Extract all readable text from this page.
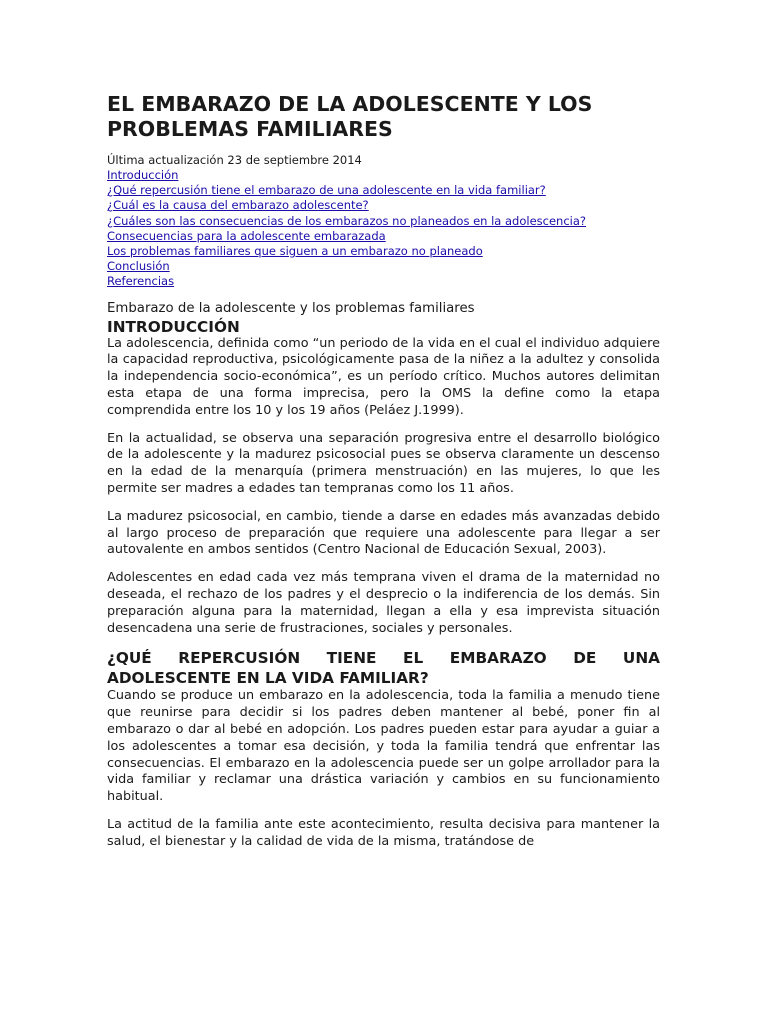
EL EMBARAZO DE LA ADOLESCENTE Y LOS PROBLEMAS FAMILIARES
Última actualización 23 de septiembre 2014
Introducción
¿Qué repercusión tiene el embarazo de una adolescente en la vida familiar?
¿Cuál es la causa del embarazo adolescente?
¿Cuáles son las consecuencias de los embarazos no planeados en la adolescencia?
Consecuencias para la adolescente embarazada
Los problemas familiares que siguen a un embarazo no planeado
Conclusión
Referencias
Embarazo de la adolescente y los problemas familiares
INTRODUCCIÓN

La adolescencia, definida como “un periodo de la vida en el cual el individuo adquiere la capacidad reproductiva, psicológicamente pasa de la niñez a la adultez y consolida la independencia socio-económica”, es un período crítico. Muchos autores delimitan esta etapa de una forma imprecisa, pero la OMS la define como la etapa comprendida entre los 10 y los 19 años (Peláez J.1999).

En la actualidad, se observa una separación progresiva entre el desarrollo biológico de la adolescente y la madurez psicosocial pues se observa claramente un descenso en la edad de la menarquía (primera menstruación) en las mujeres, lo que les permite ser madres a edades tan tempranas como los 11 años.

La madurez psicosocial, en cambio, tiende a darse en edades más avanzadas debido al largo proceso de preparación que requiere una adolescente para llegar a ser autovalente en ambos sentidos (Centro Nacional de Educación Sexual, 2003).

Adolescentes en edad cada vez más temprana viven el drama de la maternidad no deseada, el rechazo de los padres y el desprecio o la indiferencia de los demás. Sin preparación alguna para la maternidad, llegan a ella y esa imprevista situación desencadena una serie de frustraciones, sociales y personales.

¿QUÉ REPERCUSIÓN TIENE EL EMBARAZO DE UNA ADOLESCENTE EN LA VIDA FAMILIAR?

Cuando se produce un embarazo en la adolescencia, toda la familia a menudo tiene que reunirse para decidir si los padres deben mantener al bebé, poner fin al embarazo o dar al bebé en adopción. Los padres pueden estar para ayudar a guiar a los adolescentes a tomar esa decisión, y toda la familia tendrá que enfrentar las consecuencias. El embarazo en la adolescencia puede ser un golpe arrollador para la vida familiar y reclamar una drástica variación y cambios en su funcionamiento habitual.

La actitud de la familia ante este acontecimiento, resulta decisiva para mantener la salud, el bienestar y la calidad de vida de la misma, tratándose de
